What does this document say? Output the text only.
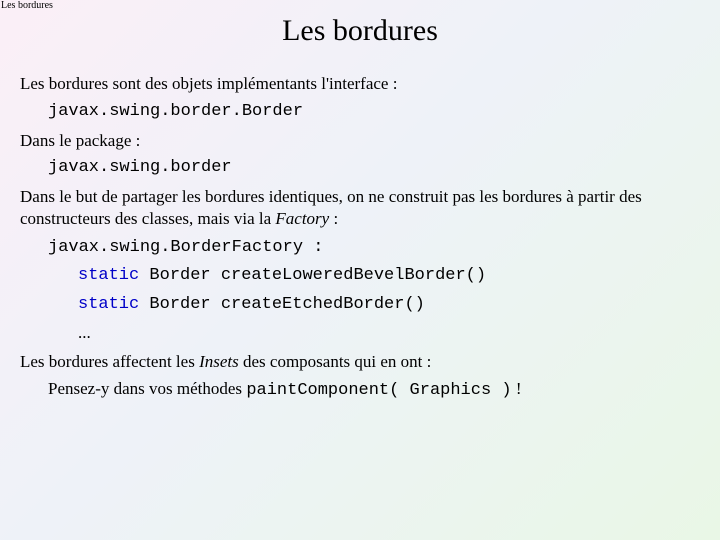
Les bordures
Les bordures
Les bordures sont des objets implémentants l'interface :
javax.swing.border.Border
Dans le package :
javax.swing.border
Dans le but de partager les bordures identiques, on ne construit pas les bordures à partir des
constructeurs des classes, mais via la Factory :
javax.swing.BorderFactory :
static Border createLoweredBevelBorder()
static Border createEtchedBorder()
...
Les bordures affectent les Insets des composants qui en ont :
Pensez-y dans vos méthodes paintComponent( Graphics ) !
